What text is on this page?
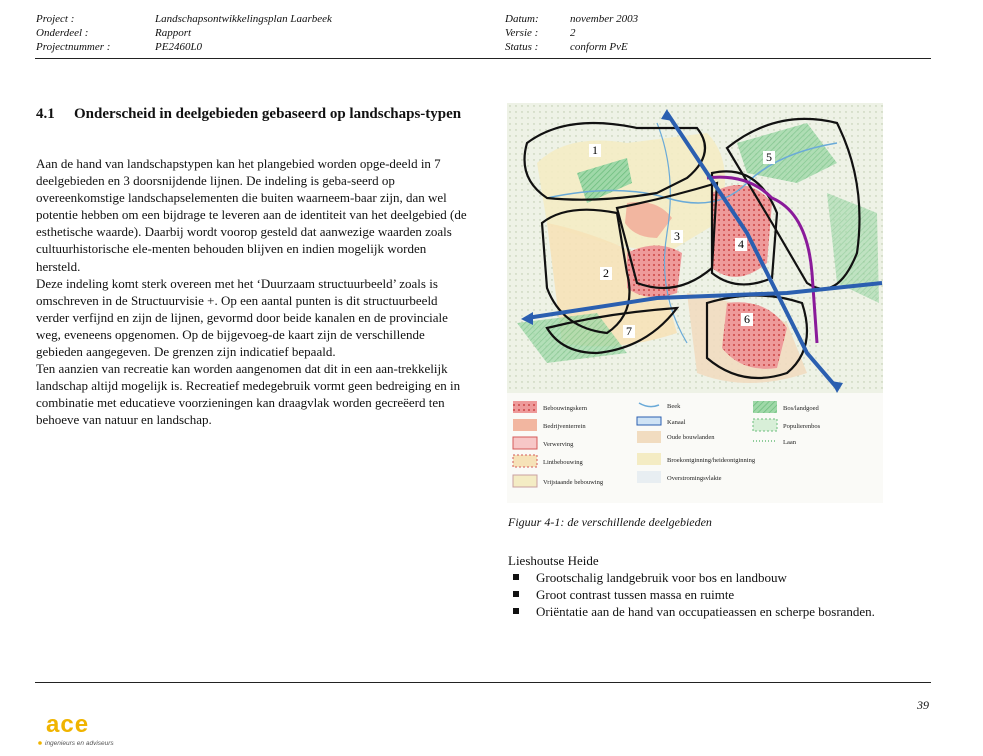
Project :
Onderdeel :
Projectnummer :
Landschapsontwikkelingsplan Laarbeek
Rapport
PE2460L0
Datum:
Versie :
Status :
november 2003
2
conform PvE
4.1 Onderscheid in deelgebieden gebaseerd op landschaps-typen

Aan de hand van landschapstypen kan het plangebied worden opge-deeld in 7 deelgebieden en 3 doorsnijdende lijnen. De indeling is geba-seerd op overeenkomstige landschapselementen die buiten waarneem-baar zijn, dan wel potentie hebben om een bijdrage te leveren aan de identiteit van het deelgebied (de esthetische waarde). Daarbij wordt voorop gesteld dat aanwezige waarden zoals cultuurhistorische ele-menten behouden blijven en indien mogelijk worden hersteld.

Deze indeling komt sterk overeen met het ‘Duurzaam structuurbeeld’ zoals is omschreven in de Structuurvisie +. Op een aantal punten is dit structuurbeeld verder verfijnd en zijn de lijnen, gevormd door beide kanalen en de provinciale weg, eveneens opgenomen. Op de bijgevoeg-de kaart zijn de verschillende gebieden aangegeven. De grenzen zijn indicatief bepaald.

Ten aanzien van recreatie kan worden aangenomen dat dit in een aan-trekkelijk landschap altijd mogelijk is. Recreatief medegebruik vormt geen bedreiging en in combinatie met educatieve voorzieningen kan draagvlak worden gecreëerd ten behoeve van natuur en landschap.

1
2
3
4
5
6
7
Bebouwingskern
Bedrijventerrein
Verwerving
Lintbebouwing
Vrijstaande bebouwing
Beek
Kanaal
Oude bouwlanden
Broekontginning/heideontginning
Overstromingsvlakte
Bos/landgoed
Populierenbos
Laan
Figuur 4-1: de verschillende deelgebieden
Lieshoutse Heide
Grootschalig landgebruik voor bos en landbouw
Groot contrast tussen massa en ruimte
Oriëntatie aan de hand van occupatieassen en scherpe bosranden.
39
ace
ingenieurs en adviseurs
